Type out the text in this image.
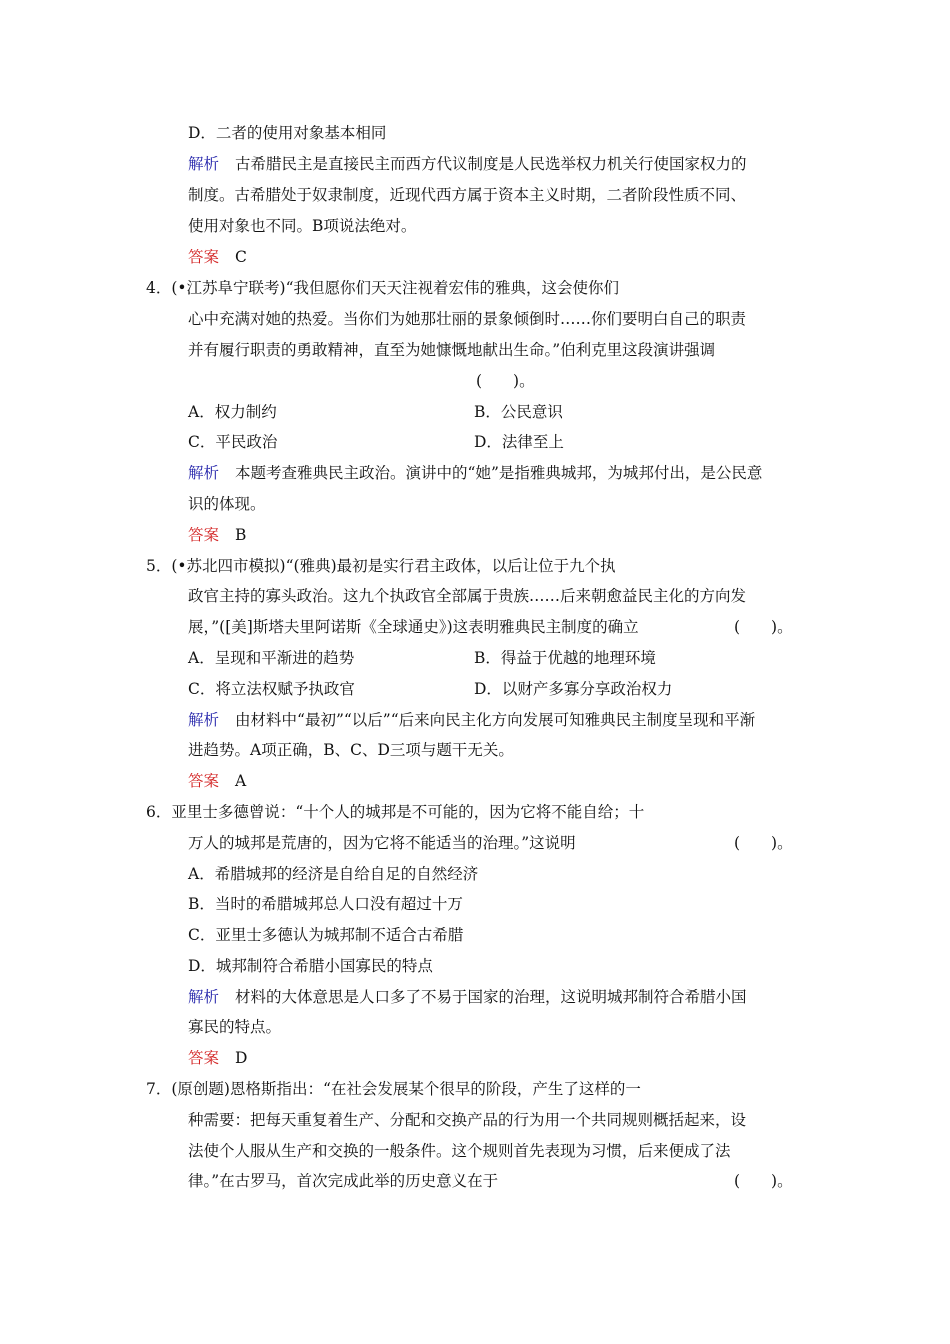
D．二者的使用对象基本相同
解析 古希腊民主是直接民主而西方代议制度是人民选举权力机关行使国家权力的
制度。古希腊处于奴隶制度，近现代西方属于资本主义时期，二者阶段性质不同、
使用对象也不同。B项说法绝对。
答案 C
4．(•江苏阜宁联考)“我但愿你们天天注视着宏伟的雅典，这会使你们
心中充满对她的热爱。当你们为她那壮丽的景象倾倒时……你们要明白自己的职责
并有履行职责的勇敢精神，直至为她慷慨地献出生命。”伯利克里这段演讲强调
(　　)。
A．权力制约	B．公民意识
C．平民政治	D．法律至上
解析 本题考查雅典民主政治。演讲中的“她”是指雅典城邦，为城邦付出，是公民意
识的体现。
答案 B
5．(•苏北四市模拟)“(雅典)最初是实行君主政体，以后让位于九个执
政官主持的寡头政治。这九个执政官全部属于贵族……后来朝愈益民主化的方向发
展，”([美]斯塔夫里阿诺斯《全球通史》)这表明雅典民主制度的确立	(　　)。
A．呈现和平渐进的趋势	B．得益于优越的地理环境
C．将立法权赋予执政官	D．以财产多寡分享政治权力
解析 由材料中“最初”“以后”“后来向民主化方向发展可知雅典民主制度呈现和平渐
进趋势。A项正确，B、C、D三项与题干无关。
答案 A
6．亚里士多德曾说：“十个人的城邦是不可能的，因为它将不能自给；十
万人的城邦是荒唐的，因为它将不能适当的治理。”这说明	(　　)。
A．希腊城邦的经济是自给自足的自然经济
B．当时的希腊城邦总人口没有超过十万
C．亚里士多德认为城邦制不适合古希腊
D．城邦制符合希腊小国寡民的特点
解析 材料的大体意思是人口多了不易于国家的治理，这说明城邦制符合希腊小国
寡民的特点。
答案 D
7．(原创题)恩格斯指出：“在社会发展某个很早的阶段，产生了这样的一
种需要：把每天重复着生产、分配和交换产品的行为用一个共同规则概括起来，设
法使个人服从生产和交换的一般条件。这个规则首先表现为习惯，后来便成了法
律。”在古罗马，首次完成此举的历史意义在于	(　　)。
